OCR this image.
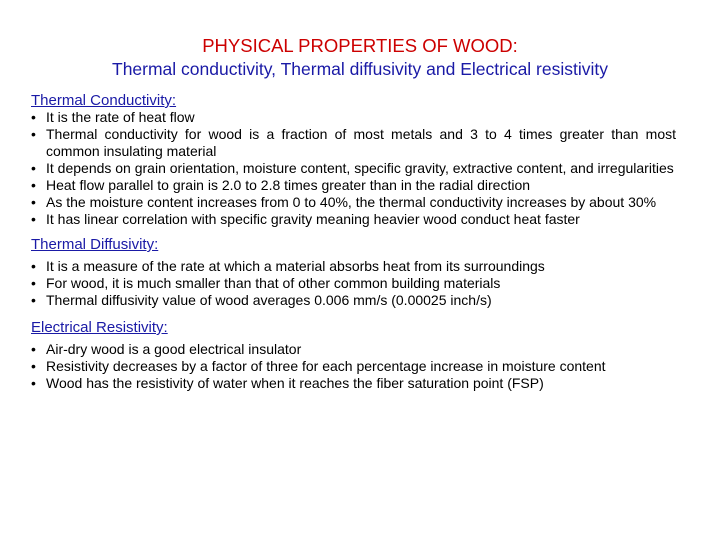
PHYSICAL PROPERTIES OF WOOD:
Thermal conductivity, Thermal diffusivity and Electrical resistivity
Thermal Conductivity:
• It is the rate of heat flow
• Thermal conductivity for wood is a fraction of most metals and 3 to 4 times greater than most common insulating material
• It depends on grain orientation, moisture content, specific gravity, extractive content, and irregularities
• Heat flow parallel to grain is 2.0 to 2.8 times greater than in the radial direction
• As the moisture content increases from 0 to 40%, the thermal conductivity increases by about 30%
• It has linear correlation with specific gravity meaning heavier wood conduct heat faster
Thermal Diffusivity:
• It is a measure of the rate at which a material absorbs heat from its surroundings
• For wood, it is much smaller than that of other common building materials
• Thermal diffusivity value of wood averages 0.006 mm/s (0.00025 inch/s)
Electrical Resistivity:
• Air-dry wood is a good electrical insulator
• Resistivity decreases by a factor of three for each percentage increase in moisture content
• Wood has the resistivity of water when it reaches the fiber saturation point (FSP)
